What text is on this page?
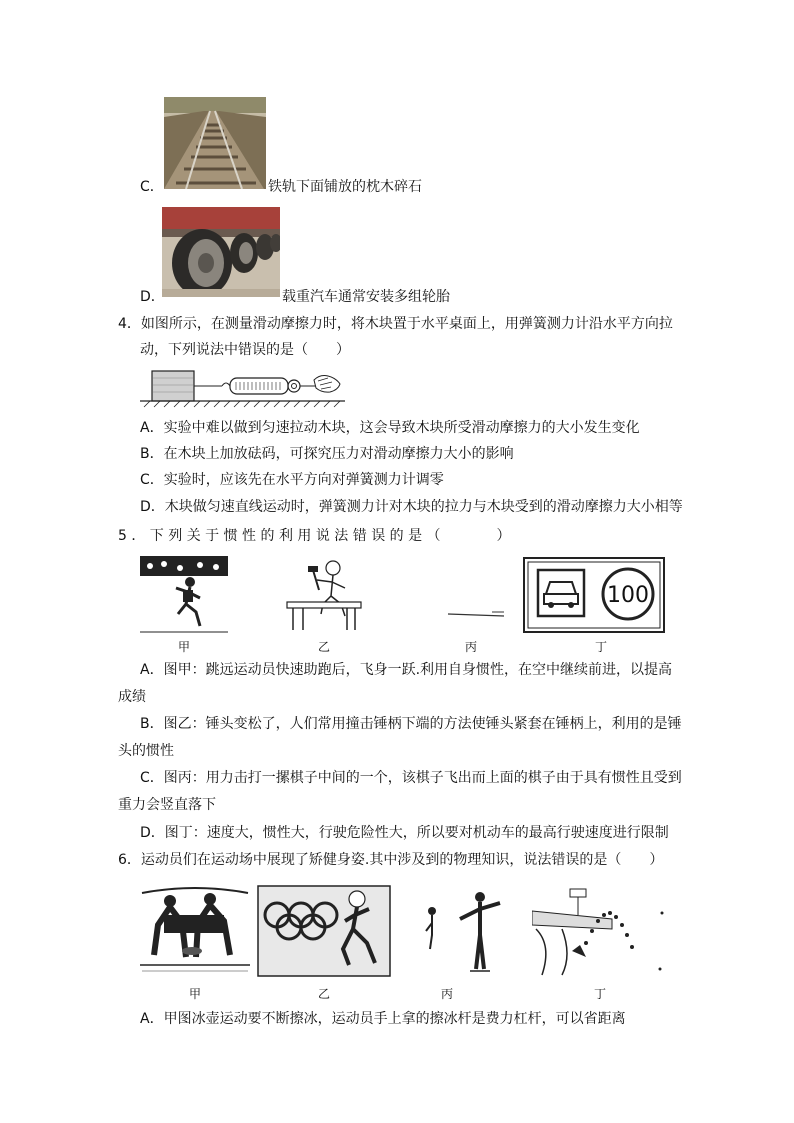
C．	铁轨下面铺放的枕木碎石
D．	载重汽车通常安装多组轮胎
4．如图所示，在测量滑动摩擦力时，将木块置于水平桌面上，用弹簧测力计沿水平方向拉
动，下列说法中错误的是（　　）
A．实验中难以做到匀速拉动木块，这会导致木块所受滑动摩擦力的大小发生变化
B．在木块上加放砝码，可探究压力对滑动摩擦力大小的影响
C．实验时，应该先在水平方向对弹簧测力计调零
D．木块做匀速直线运动时，弹簧测力计对木块的拉力与木块受到的滑动摩擦力大小相等
5 ． 下 列 关 于 惯 性 的 利 用 说 法 错 误 的 是 （　　　　）
100
甲	乙	丙	丁
A．图甲：跳远运动员快速助跑后，飞身一跃.利用自身惯性，在空中继续前进，以提高
成绩
B．图乙：锤头变松了，人们常用撞击锤柄下端的方法使锤头紧套在锤柄上，利用的是锤
头的惯性
C．图丙：用力击打一摞棋子中间的一个，该棋子飞出而上面的棋子由于具有惯性且受到
重力会竖直落下
D．图丁：速度大，惯性大，行驶危险性大，所以要对机动车的最高行驶速度进行限制
6．运动员们在运动场中展现了矫健身姿.其中涉及到的物理知识，说法错误的是（　　）
甲	乙	丙	丁
A．甲图冰壶运动要不断擦冰，运动员手上拿的擦冰杆是费力杠杆，可以省距离
